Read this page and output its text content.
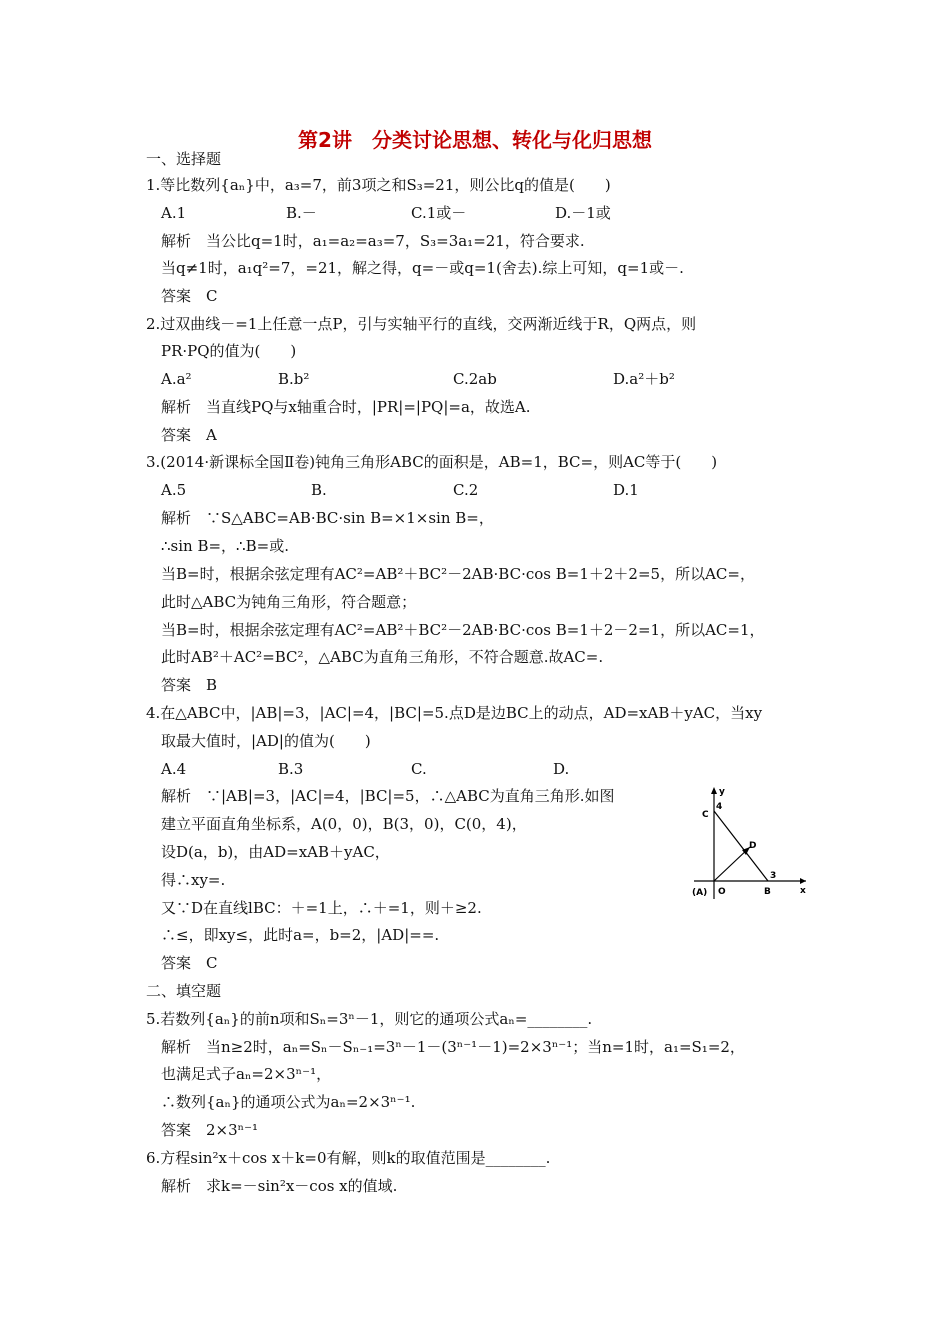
第2讲　分类讨论思想、转化与化归思想
一、选择题
1.等比数列{aₙ}中，a₃=7，前3项之和S₃=21，则公比q的值是(　　)
A.1	B.－	C.1或－	D.－1或
解析　当公比q=1时，a₁=a₂=a₃=7，S₃=3a₁=21，符合要求.
当q≠1时，a₁q²=7，=21，解之得，q=－或q=1(舍去).综上可知，q=1或－.
答案　C
2.过双曲线－=1上任意一点P，引与实轴平行的直线，交两渐近线于R，Q两点，则
PR·PQ的值为(　　)
A.a²	B.b²	C.2ab	D.a²＋b²
解析　当直线PQ与x轴重合时，|PR|=|PQ|=a，故选A.
答案　A
3.(2014·新课标全国Ⅱ卷)钝角三角形ABC的面积是，AB=1，BC=，则AC等于(　　)
A.5	B.	C.2	D.1
解析　∵S△ABC=AB·BC·sin B=×1×sin B=，
∴sin B=，∴B=或.
当B=时，根据余弦定理有AC²=AB²＋BC²－2AB·BC·cos B=1＋2＋2=5，所以AC=，
此时△ABC为钝角三角形，符合题意；
当B=时，根据余弦定理有AC²=AB²＋BC²－2AB·BC·cos B=1＋2－2=1，所以AC=1，
此时AB²＋AC²=BC²，△ABC为直角三角形，不符合题意.故AC=.
答案　B
4.在△ABC中，|AB|=3，|AC|=4，|BC|=5.点D是边BC上的动点，AD=xAB＋yAC，当xy
取最大值时，|AD|的值为(　　)
A.4	B.3	C.	D.
解析　∵|AB|=3，|AC|=4，|BC|=5，∴△ABC为直角三角形.如图
建立平面直角坐标系，A(0，0)，B(3，0)，C(0，4)，
设D(a，b)，由AD=xAB＋yAC，
得∴xy=.
又∵D在直线lBC：＋=1上，∴＋=1，则＋≥2.
∴≤，即xy≤，此时a=，b=2，|AD|==.
答案　C
y
C
4
D
(A) O	B
3
x
二、填空题
5.若数列{aₙ}的前n项和Sₙ=3ⁿ－1，则它的通项公式aₙ=________.
解析　当n≥2时，aₙ=Sₙ－Sₙ₋₁=3ⁿ－1－(3ⁿ⁻¹－1)=2×3ⁿ⁻¹；当n=1时，a₁=S₁=2，
也满足式子aₙ=2×3ⁿ⁻¹，
∴数列{aₙ}的通项公式为aₙ=2×3ⁿ⁻¹.
答案　2×3ⁿ⁻¹
6.方程sin²x＋cos x＋k=0有解，则k的取值范围是________.
解析　求k=－sin²x－cos x的值域.
